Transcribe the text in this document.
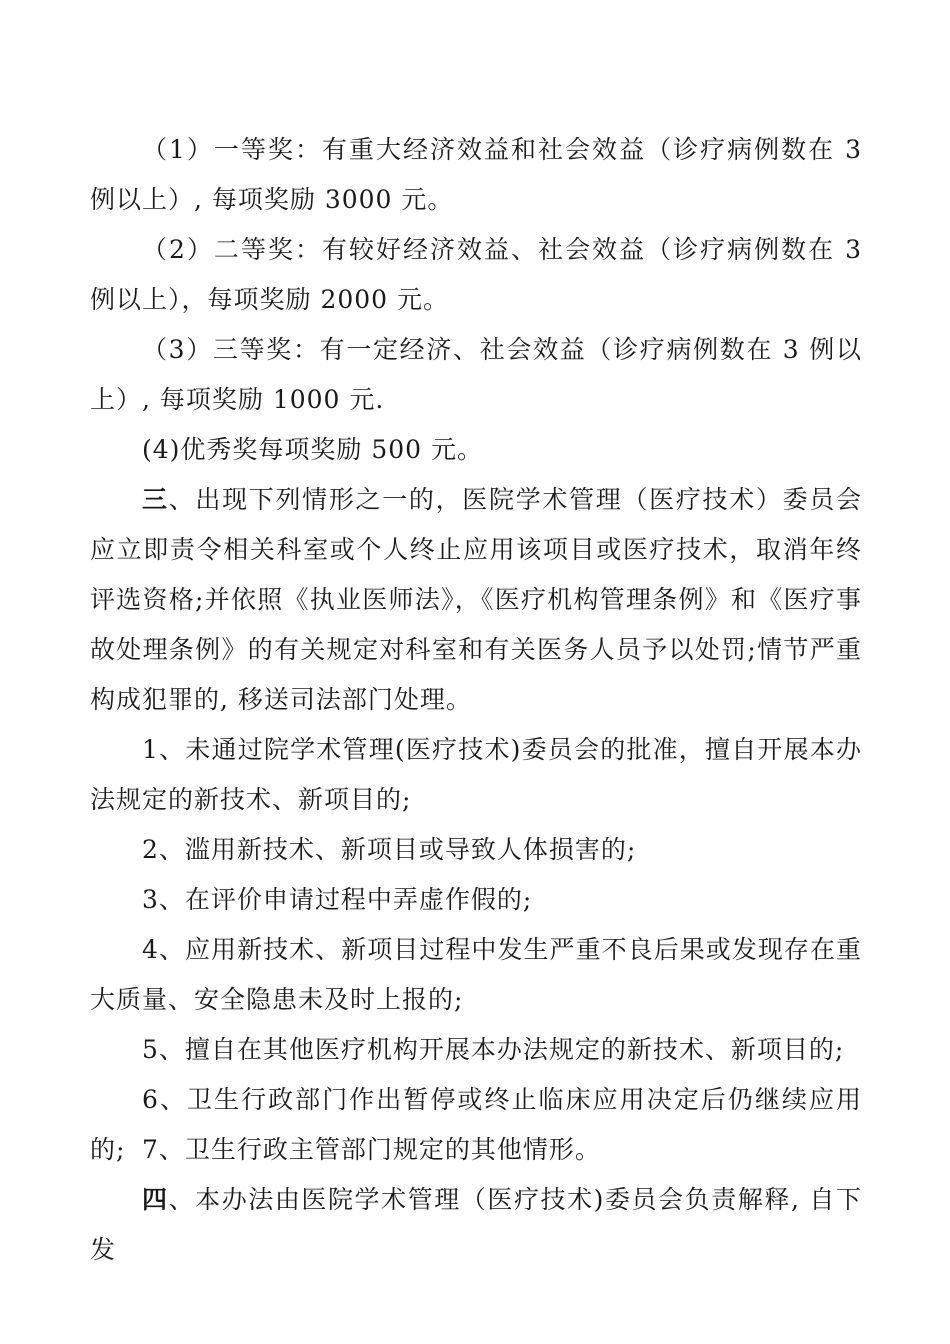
（1）一等奖：有重大经济效益和社会效益（诊疗病例数在 3 例以上）, 每项奖励 3000 元。

（2）二等奖：有较好经济效益、社会效益（诊疗病例数在 3 例以上），每项奖励 2000 元。

（3）三等奖：有一定经济、社会效益（诊疗病例数在 3 例以上）, 每项奖励 1000 元.

(4)优秀奖每项奖励 500 元。

三、出现下列情形之一的，医院学术管理（医疗技术）委员会应立即责令相关科室或个人终止应用该项目或医疗技术，取消年终评选资格;并依照《执业医师法》，《医疗机构管理条例》和《医疗事故处理条例》的有关规定对科室和有关医务人员予以处罚;情节严重构成犯罪的, 移送司法部门处理。

1、未通过院学术管理(医疗技术)委员会的批准，擅自开展本办法规定的新技术、新项目的;

2、滥用新技术、新项目或导致人体损害的;

3、在评价申请过程中弄虚作假的;

4、应用新技术、新项目过程中发生严重不良后果或发现存在重大质量、安全隐患未及时上报的;

5、擅自在其他医疗机构开展本办法规定的新技术、新项目的;

6、卫生行政部门作出暂停或终止临床应用决定后仍继续应用的; 7、卫生行政主管部门规定的其他情形。

四、本办法由医院学术管理（医疗技术)委员会负责解释, 自下发
